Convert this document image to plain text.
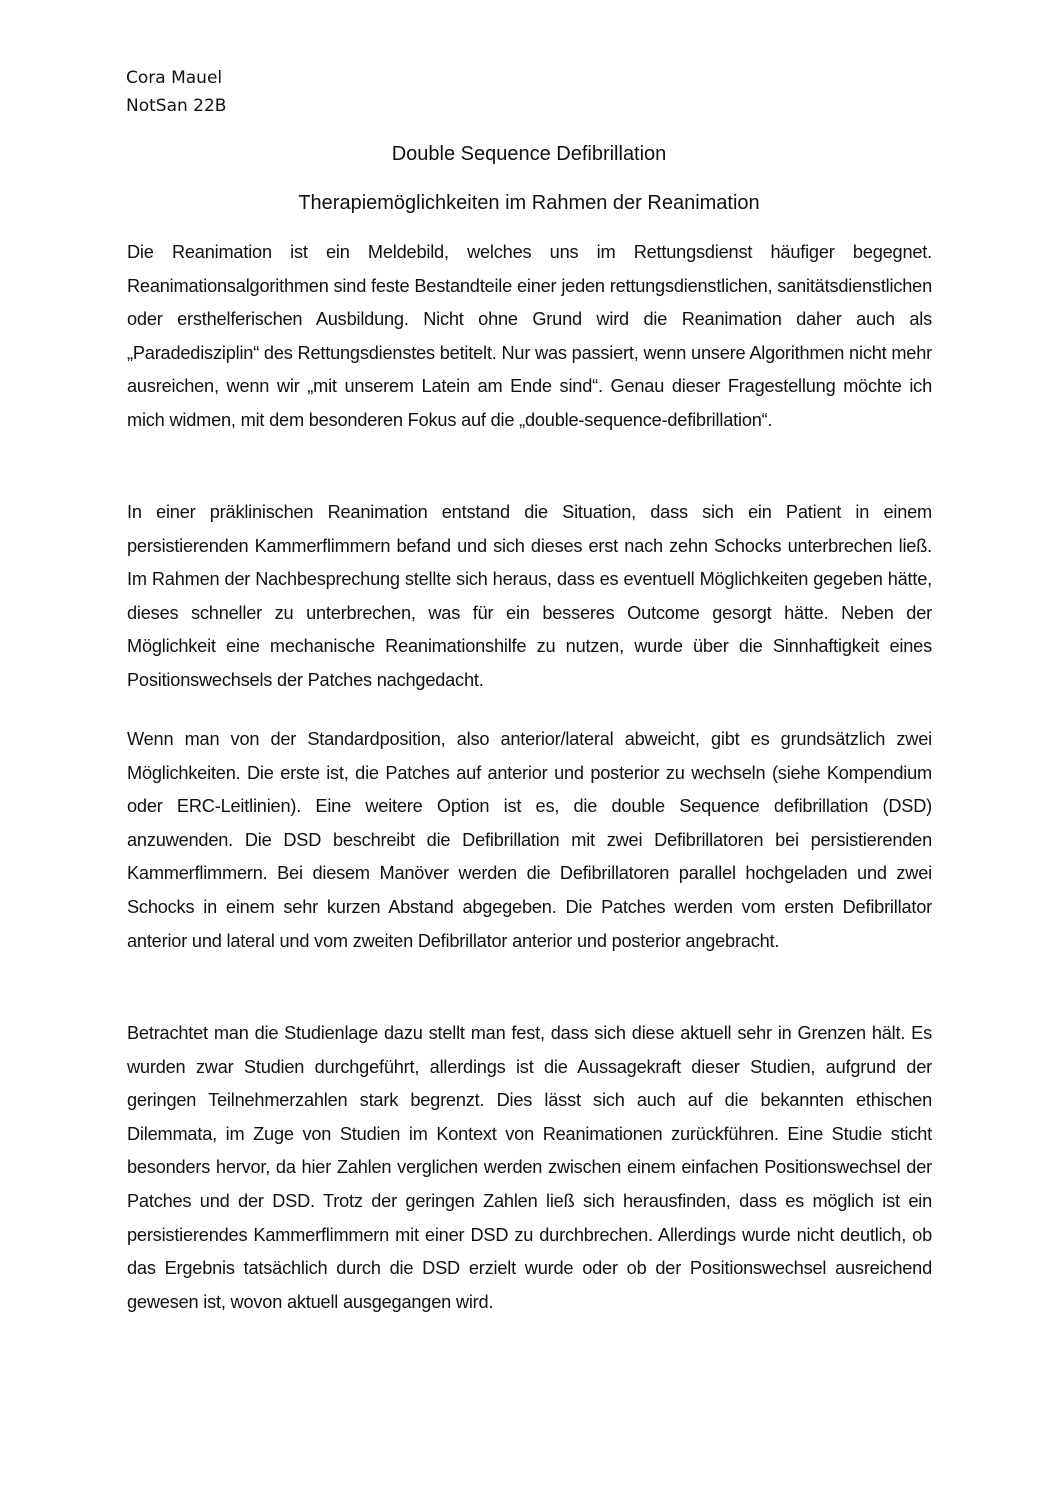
Cora Mauel
NotSan 22B
Double Sequence Defibrillation
Therapiemöglichkeiten im Rahmen der Reanimation

Die Reanimation ist ein Meldebild, welches uns im Rettungsdienst häufiger begegnet. Reanimationsalgorithmen sind feste Bestandteile einer jeden rettungsdienstlichen, sanitätsdienstlichen oder ersthelferischen Ausbildung. Nicht ohne Grund wird die Reanimation daher auch als „Paradedisziplin“ des Rettungsdienstes betitelt. Nur was passiert, wenn unsere Algorithmen nicht mehr ausreichen, wenn wir „mit unserem Latein am Ende sind“. Genau dieser Fragestellung möchte ich mich widmen, mit dem besonderen Fokus auf die „double-sequence-defibrillation“.

In einer präklinischen Reanimation entstand die Situation, dass sich ein Patient in einem persistierenden Kammerflimmern befand und sich dieses erst nach zehn Schocks unterbrechen ließ. Im Rahmen der Nachbesprechung stellte sich heraus, dass es eventuell Möglichkeiten gegeben hätte, dieses schneller zu unterbrechen, was für ein besseres Outcome gesorgt hätte. Neben der Möglichkeit eine mechanische Reanimationshilfe zu nutzen, wurde über die Sinnhaftigkeit eines Positionswechsels der Patches nachgedacht.

Wenn man von der Standardposition, also anterior/lateral abweicht, gibt es grundsätzlich zwei Möglichkeiten. Die erste ist, die Patches auf anterior und posterior zu wechseln (siehe Kompendium oder ERC-Leitlinien). Eine weitere Option ist es, die double Sequence defibrillation (DSD) anzuwenden. Die DSD beschreibt die Defibrillation mit zwei Defibrillatoren bei persistierenden Kammerflimmern. Bei diesem Manöver werden die Defibrillatoren parallel hochgeladen und zwei Schocks in einem sehr kurzen Abstand abgegeben. Die Patches werden vom ersten Defibrillator anterior und lateral und vom zweiten Defibrillator anterior und posterior angebracht.

Betrachtet man die Studienlage dazu stellt man fest, dass sich diese aktuell sehr in Grenzen hält. Es wurden zwar Studien durchgeführt, allerdings ist die Aussagekraft dieser Studien, aufgrund der geringen Teilnehmerzahlen stark begrenzt. Dies lässt sich auch auf die bekannten ethischen Dilemmata, im Zuge von Studien im Kontext von Reanimationen zurückführen. Eine Studie sticht besonders hervor, da hier Zahlen verglichen werden zwischen einem einfachen Positionswechsel der Patches und der DSD. Trotz der geringen Zahlen ließ sich herausfinden, dass es möglich ist ein persistierendes Kammerflimmern mit einer DSD zu durchbrechen. Allerdings wurde nicht deutlich, ob das Ergebnis tatsächlich durch die DSD erzielt wurde oder ob der Positionswechsel ausreichend gewesen ist, wovon aktuell ausgegangen wird.
